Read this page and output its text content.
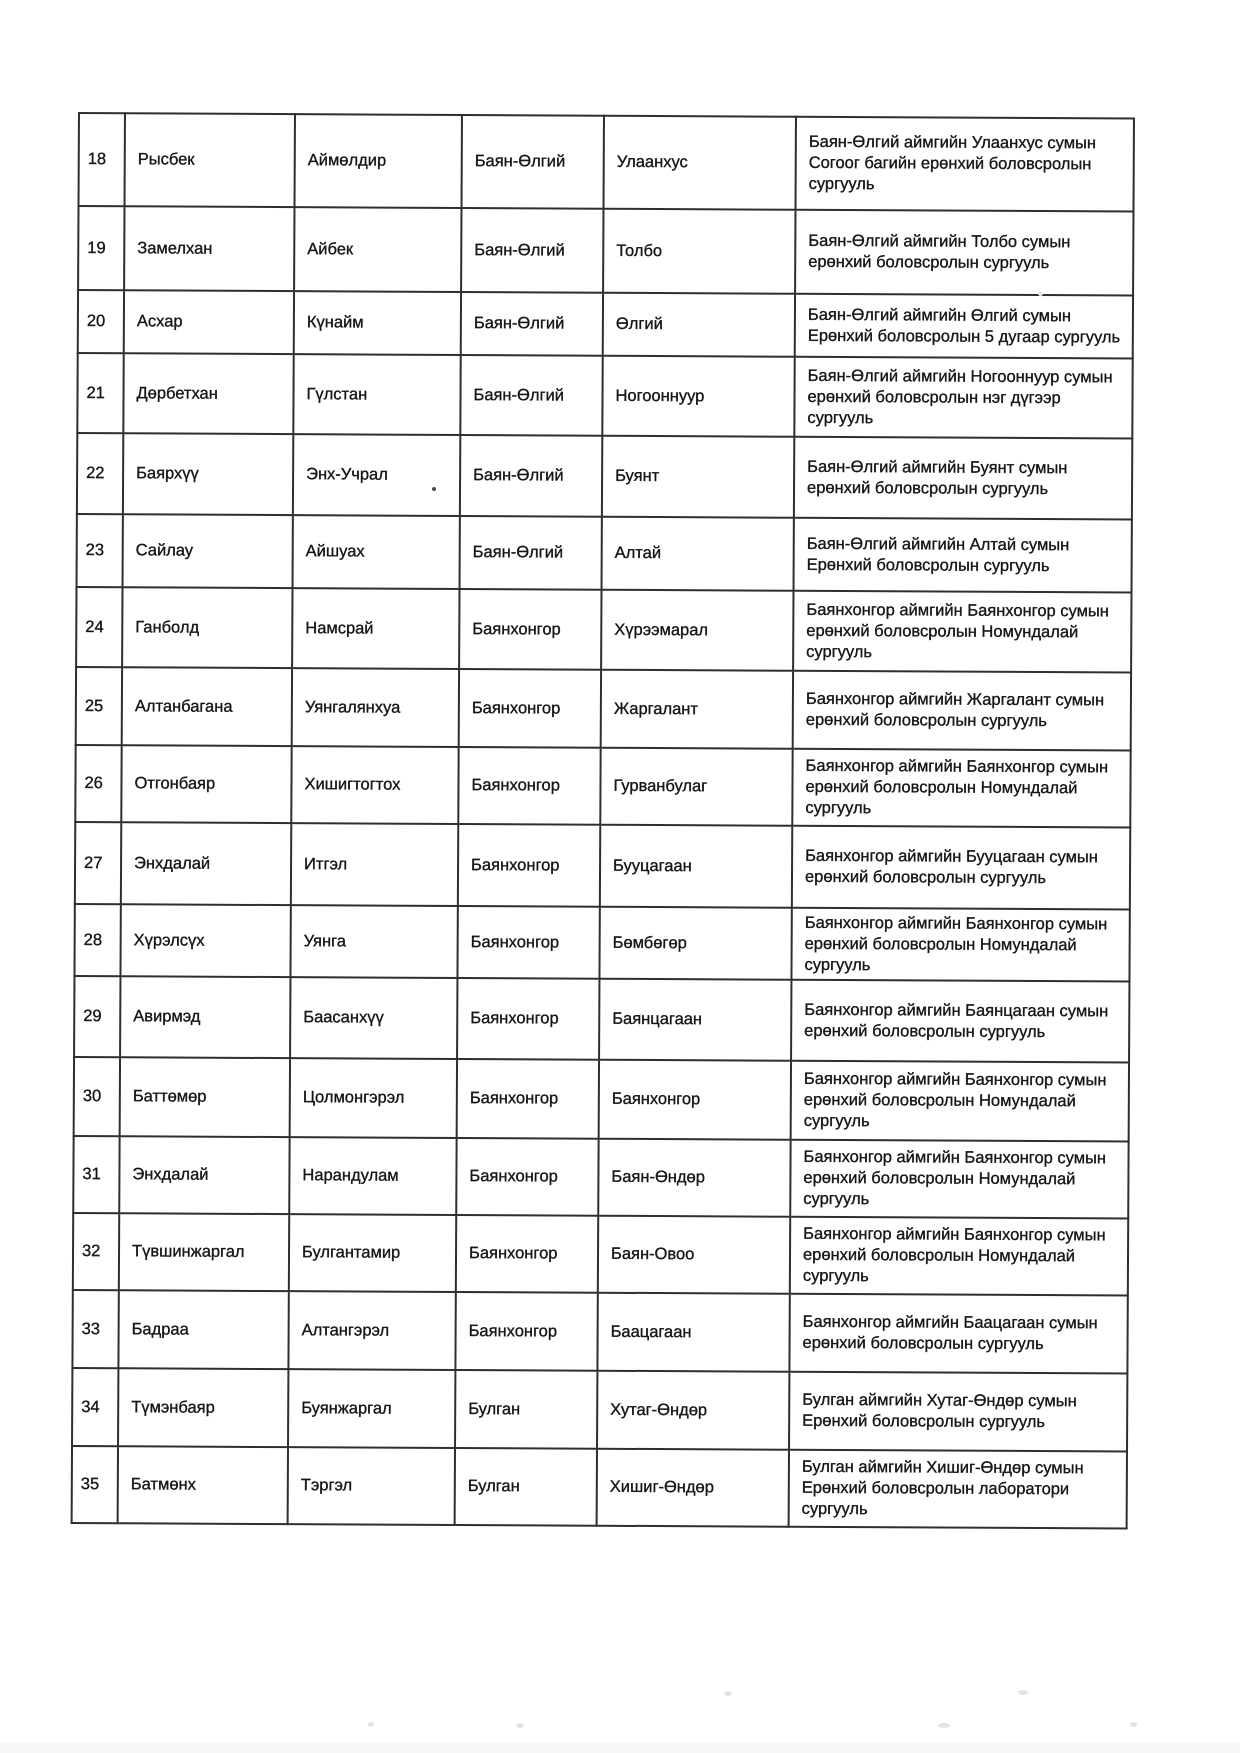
18	Рысбек	Аймөлдир	Баян-Өлгий	Улаанхус	Баян-Өлгий аймгийн Улаанхус сумын Согоог багийн ерөнхий боловсролын сургууль
19	Замелхан	Айбек	Баян-Өлгий	Толбо	Баян-Өлгий аймгийн Толбо сумын ерөнхий боловсролын сургууль
20	Асхар	Күнайм	Баян-Өлгий	Өлгий	Баян-Өлгий аймгийн Өлгий сумын Ерөнхий боловсролын 5 дугаар сургууль
21	Дөрбетхан	Гүлстан	Баян-Өлгий	Ногооннуур	Баян-Өлгий аймгийн Ногооннуур сумын ерөнхий боловсролын нэг дүгээр сургууль
22	Баярхүү	Энх-Учрал	Баян-Өлгий	Буянт	Баян-Өлгий аймгийн Буянт сумын ерөнхий боловсролын сургууль
23	Сайлау	Айшуах	Баян-Өлгий	Алтай	Баян-Өлгий аймгийн Алтай сумын Ерөнхий боловсролын сургууль
24	Ганболд	Намсрай	Баянхонгор	Хүрээмарал	Баянхонгор аймгийн Баянхонгор сумын ерөнхий боловсролын Номундалай сургууль
25	Алтанбагана	Уянгалянхуа	Баянхонгор	Жаргалант	Баянхонгор аймгийн Жаргалант сумын ерөнхий боловсролын сургууль
26	Отгонбаяр	Хишигтогтох	Баянхонгор	Гурванбулаг	Баянхонгор аймгийн Баянхонгор сумын ерөнхий боловсролын Номундалай сургууль
27	Энхдалай	Итгэл	Баянхонгор	Бууцагаан	Баянхонгор аймгийн Бууцагаан сумын ерөнхий боловсролын сургууль
28	Хүрэлсүх	Уянга	Баянхонгор	Бөмбөгөр	Баянхонгор аймгийн Баянхонгор сумын ерөнхий боловсролын Номундалай сургууль
29	Авирмэд	Баасанхүү	Баянхонгор	Баянцагаан	Баянхонгор аймгийн Баянцагаан сумын ерөнхий боловсролын сургууль
30	Баттөмөр	Цолмонгэрэл	Баянхонгор	Баянхонгор	Баянхонгор аймгийн Баянхонгор сумын ерөнхий боловсролын Номундалай сургууль
31	Энхдалай	Нарандулам	Баянхонгор	Баян-Өндөр	Баянхонгор аймгийн Баянхонгор сумын ерөнхий боловсролын Номундалай сургууль
32	Түвшинжаргал	Булгантамир	Баянхонгор	Баян-Овоо	Баянхонгор аймгийн Баянхонгор сумын ерөнхий боловсролын Номундалай сургууль
33	Бадраа	Алтангэрэл	Баянхонгор	Баацагаан	Баянхонгор аймгийн Баацагаан сумын ерөнхий боловсролын сургууль
34	Түмэнбаяр	Буянжаргал	Булган	Хутаг-Өндөр	Булган аймгийн Хутаг-Өндөр сумын Ерөнхий боловсролын сургууль
35	Батмөнх	Тэргэл	Булган	Хишиг-Өндөр	Булган аймгийн Хишиг-Өндөр сумын Ерөнхий боловсролын лаборатори сургууль
